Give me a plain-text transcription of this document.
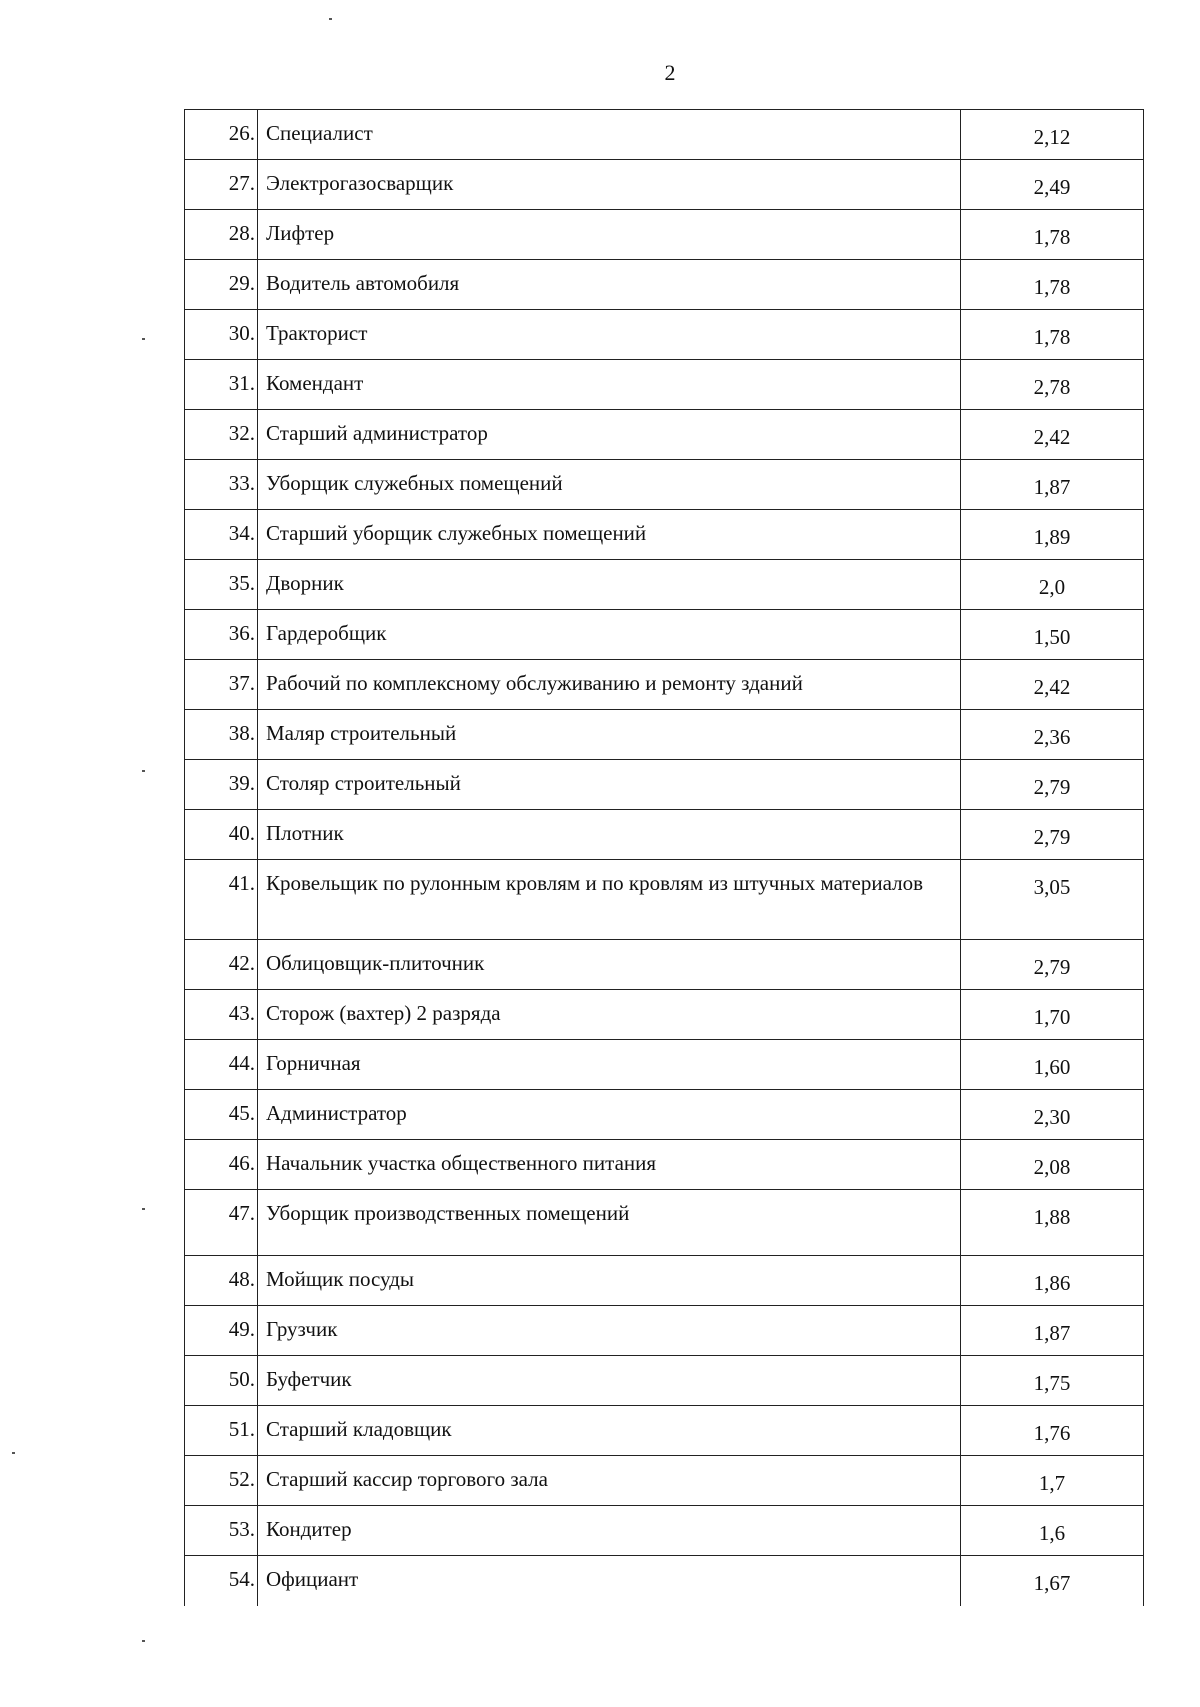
2
26.	Специалист	2,12
27.	Электрогазосварщик	2,49
28.	Лифтер	1,78
29.	Водитель автомобиля	1,78
30.	Тракторист	1,78
31.	Комендант	2,78
32.	Старший администратор	2,42
33.	Уборщик служебных помещений	1,87
34.	Старший уборщик служебных помещений	1,89
35.	Дворник	2,0
36.	Гардеробщик	1,50
37.	Рабочий по комплексному обслуживанию и ремонту зданий	2,42
38.	Маляр строительный	2,36
39.	Столяр строительный	2,79
40.	Плотник	2,79
41.	Кровельщик по рулонным кровлям и по кровлям из штучных материалов	3,05
42.	Облицовщик-плиточник	2,79
43.	Сторож (вахтер) 2 разряда	1,70
44.	Горничная	1,60
45.	Администратор	2,30
46.	Начальник участка общественного питания	2,08
47.	Уборщик производственных помещений	1,88
48.	Мойщик посуды	1,86
49.	Грузчик	1,87
50.	Буфетчик	1,75
51.	Старший кладовщик	1,76
52.	Старший кассир торгового зала	1,7
53.	Кондитер	1,6
54.	Официант	1,67
